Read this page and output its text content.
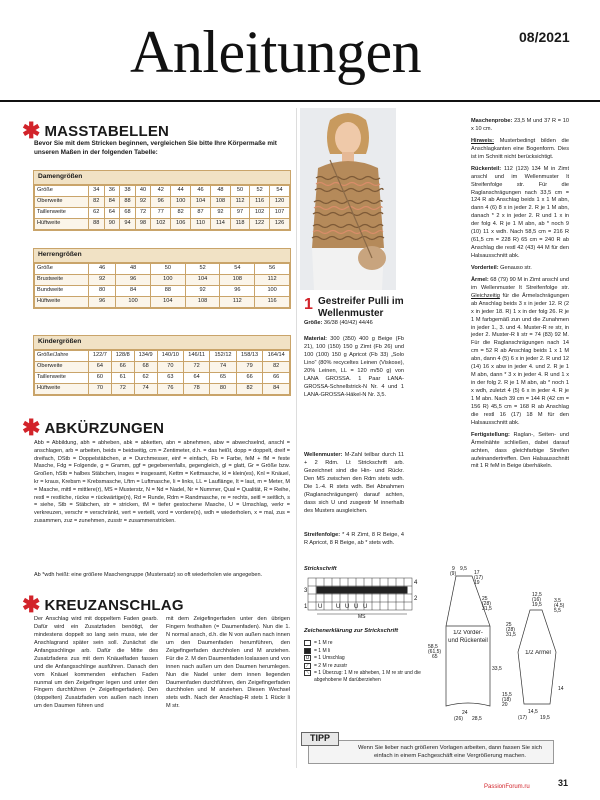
Anleitungen	08/2021
✱ MASSTABELLEN
Bevor Sie mit dem Stricken beginnen, vergleichen Sie bitte Ihre Körpermaße mit unseren Maßen in der folgenden Tabelle:
Damengrößen
Größe	34	36	38	40	42	44	46	48	50	52	54
Oberweite	82	84	88	92	96	100	104	108	112	116	120
Taillenweite	62	64	68	72	77	82	87	92	97	102	107
Hüftweite	88	90	94	98	102	106	110	114	118	122	126
Herrengrößen
Größe	46	48	50	52	54	56
Brustweite	92	96	100	104	108	112
Bundweite	80	84	88	92	96	100
Hüftweite	96	100	104	108	112	116
Kindergrößen
Größe/Jahre	122/7	128/8	134/9	140/10	146/11	152/12	158/13	164/14
Oberweite	64	66	68	70	72	74	79	82
Taillenweite	60	61	62	63	64	65	66	66
Hüftweite	70	72	74	76	78	80	82	84
✱ ABKÜRZUNGEN
Abb = Abbildung, abh = abheben, abk = abketten, abn = abnehmen, abw = abwechselnd, anschl = anschlagen, arb = arbeiten, beids = beidseitig, cm = Zentimeter, d.h. = das heißt, dopp = doppelt, dreif = dreifach, DStb = Doppelstäbchen, ø = Durchmesser, einf = einfach, Fb = Farbe, feM + fM = feste Masche, Fdg = Folgende, g = Gramm, ggf = gegebenenfalls, gegengleich, gl = glatt, Gr = Größe bzw. Großen, hStb = halbes Stäbchen, insges = insgesamt, Kettm = Kettmasche, kl = klein(es), Knl = Knäuel, kr = kraus, Krebsm = Krebsmasche, Lftm = Luftmasche, li = links, LL = Lauflänge, lt = laut, m = Meter, M = Masche, mittl = mittlere(r), MS = Musterstz, N = Nd = Nadel, Nr = Nummer, Qual = Qualität, R = Reihe, restl = restliche, rückw = rückwärtige(n), Rd = Runde, Rdm = Randmasche, re = rechts, seitl = seitlich, s = siehe, Stb = Stäbchen, str = stricken, tM = tiefer gestochene Masche, U = Umschlag, verkr = verkreuzen, verschr = verschränkt, vert = verteilt, vord = vordere(n), wdh = wiederholen, x = mal, zus = zusammen, zuz = zunehmen, zusstr = zusammenstricken.
Ab *wdh heißt: eine größere Maschengruppe (Mustersatz) so oft wiederholen wie angegeben.
✱ KREUZANSCHLAG
Der Anschlag wird mit doppeltem Faden gearb. Dafür wird ein Zusatzfaden benötigt, der mindestens doppelt so lang sein muss, wie der Anschlagrand später sein soll. Zunächst die Anfangsschlinge arb. Dafür die Mitte des Zusatzfadens zus mit dem Knäuelfaden fassen und die Anfangsschlinge ausführen. Danach den vom Knäuel kommenden einfachen Faden nunmal um den Zeigefinger legen und unter den Fingern durchführen (= Zeigefingerfaden). Den (doppelten) Zusatzfaden von außen nach innen um den Daumen führen und
mit dem Zeigefingerfaden unter den übrigen Fingern festhalten (= Daumenfaden). Nun die 1. N normal ansch, d.h. die N von außen nach innen um den Daumenfaden herumführen, den Zeigefingerfaden durchholen und M anziehen. Für die 2. M den Daumenfaden loslassen und von innen nach außen um den Daumen herumlegen. Nun die Nadel unter dem innen liegenden Daumenfaden durchführen, den Zeigefingerfaden durchholen und M anziehen. Diesen Wechsel stets wdh. Nach der Anschlag-R stets 1 Rückr li M str.
1 Gestreifer Pulli im Wellenmuster
Größe: 36/38 (40/42) 44/46
Material: 300 (350) 400 g Beige (Fb 21), 100 (150) 150 g Zimt (Fb 26) und 100 (100) 150 g Apricot (Fb 33) „Solo Lino“ (80% recyceltes Leinen (Viskose), 20% Leinen, LL = 120 m/50 g) von LANA GROSSA. 1 Paar LANA-GROSSA-Schnellstrick-N Nr. 4 und 1 LANA-GROSSA-Häkel-N Nr. 3,5.
Wellenmuster: M-Zahl teilbar durch 11 + 2 Rdm. Lt Strickschrift arb. Gezeichnet sind die Hin- und Rückr. Den MS zwischen den Rdm stets wdh. Die 1.-4. R stets wdh. Bei Abnahmen (Raglanschrägungen) darauf achten, dass sich U und zusgestr M innerhalb des Musters ausgleichen.
Streifenfolge: * 4 R Zimt, 8 R Beige, 4 R Apricot, 8 R Beige, ab * stets wdh.
Strickschrift
U U U U U
4
2
3
1
MS
Zeichenerklärung zur Strickschrift
= 1 M re
= 1 M li
U = 1 Umschlag
⟋ = 2 M re zusstr
⟍ = 1 Überzug: 1 M re abheben, 1 M re str und die abgehobene M darüberziehen
9
(9)
9,5
17
(17)
19
25
(28)
31,5
58,5
(61,5)
65
33,5
24
(26) 28,5
1/2 Vorder- und Rückenteil
12,5
(16)
19,5
3,5
(4,5)
5,5
25
(28)
31,5
14
15,5
(18)
20
14,5
(17)	19,5
1/2 Ärmel

Maschenprobe: 23,5 M und 37 R = 10 x 10 cm.

Hinweis: Musterbedingt bilden die Anschlagkanten eine Bogenform. Dies ist im Schnitt nicht berücksichtigt.

Rückenteil: 112 (123) 134 M in Zimt anschl und im Wellenmuster lt Streifenfolge str. Für die Raglanschrägungen nach 33,5 cm = 124 R ab Anschlag beids 1 x 1 M abn, dann 4 (6) 8 x in jeder 2. R je 1 M abn, danach * 2 x in jeder 2. R und 1 x in der folg 4. R je 1 M abn, ab * noch 9 (10) 11 x wdh. Nach 58,5 cm = 216 R (61,5 cm = 228 R) 65 cm = 240 R ab Anschlag die restl 42 (43) 44 M für den Halsausschnitt abk.

Vorderteil: Genauso str.

Ärmel: 68 (79) 90 M in Zimt anschl und im Wellenmuster lt Streifenfolge str. Gleichzeitig für die Ärmelschrägungen ab Anschlag beids 3 x in jeder 12. R (2 x in jeder 18. R) 1 x in der folg 26. R je 1 M farbgemäß zun und die Zunahmen in jeder 1., 3. und 4. Muster-R re str, in jeder 2. Muster-R li str = 74 (83) 92 M. Für die Raglanschrägungen nach 14 cm = 52 R ab Anschlag beids 1 x 1 M abn, dann 4 (5) 6 x in jeder 2. R und 12 (14) 16 x abw in jeder 4. und 2. R je 1 M abn, dann * 3 x in jeder 4. R und 1 x in der folg 2. R je 1 M abn, ab * noch 1 x wdh, zuletzt 4 (5) 6 x in jeder 4. R je 1 M abn. Nach 39 cm = 144 R (42 cm = 156 R) 45,5 cm = 168 R ab Anschlag die restl 16 (17) 18 M für den Halsausschnitt abk.

Fertigstellung: Raglan-, Seiten- und Ärmelnähte schließen, dabei darauf achten, dass gleichfarbige Streifen aufeinandertreffen. Den Halsausschnitt mit 1 R feM in Beige überhäkeln.

Wenn Sie lieber nach größeren Vorlagen arbeiten, dann fassen Sie sich einfach in einem Fachgeschäft eine Vergrößerung machen.
TIPP
31
PassionForum.ru
